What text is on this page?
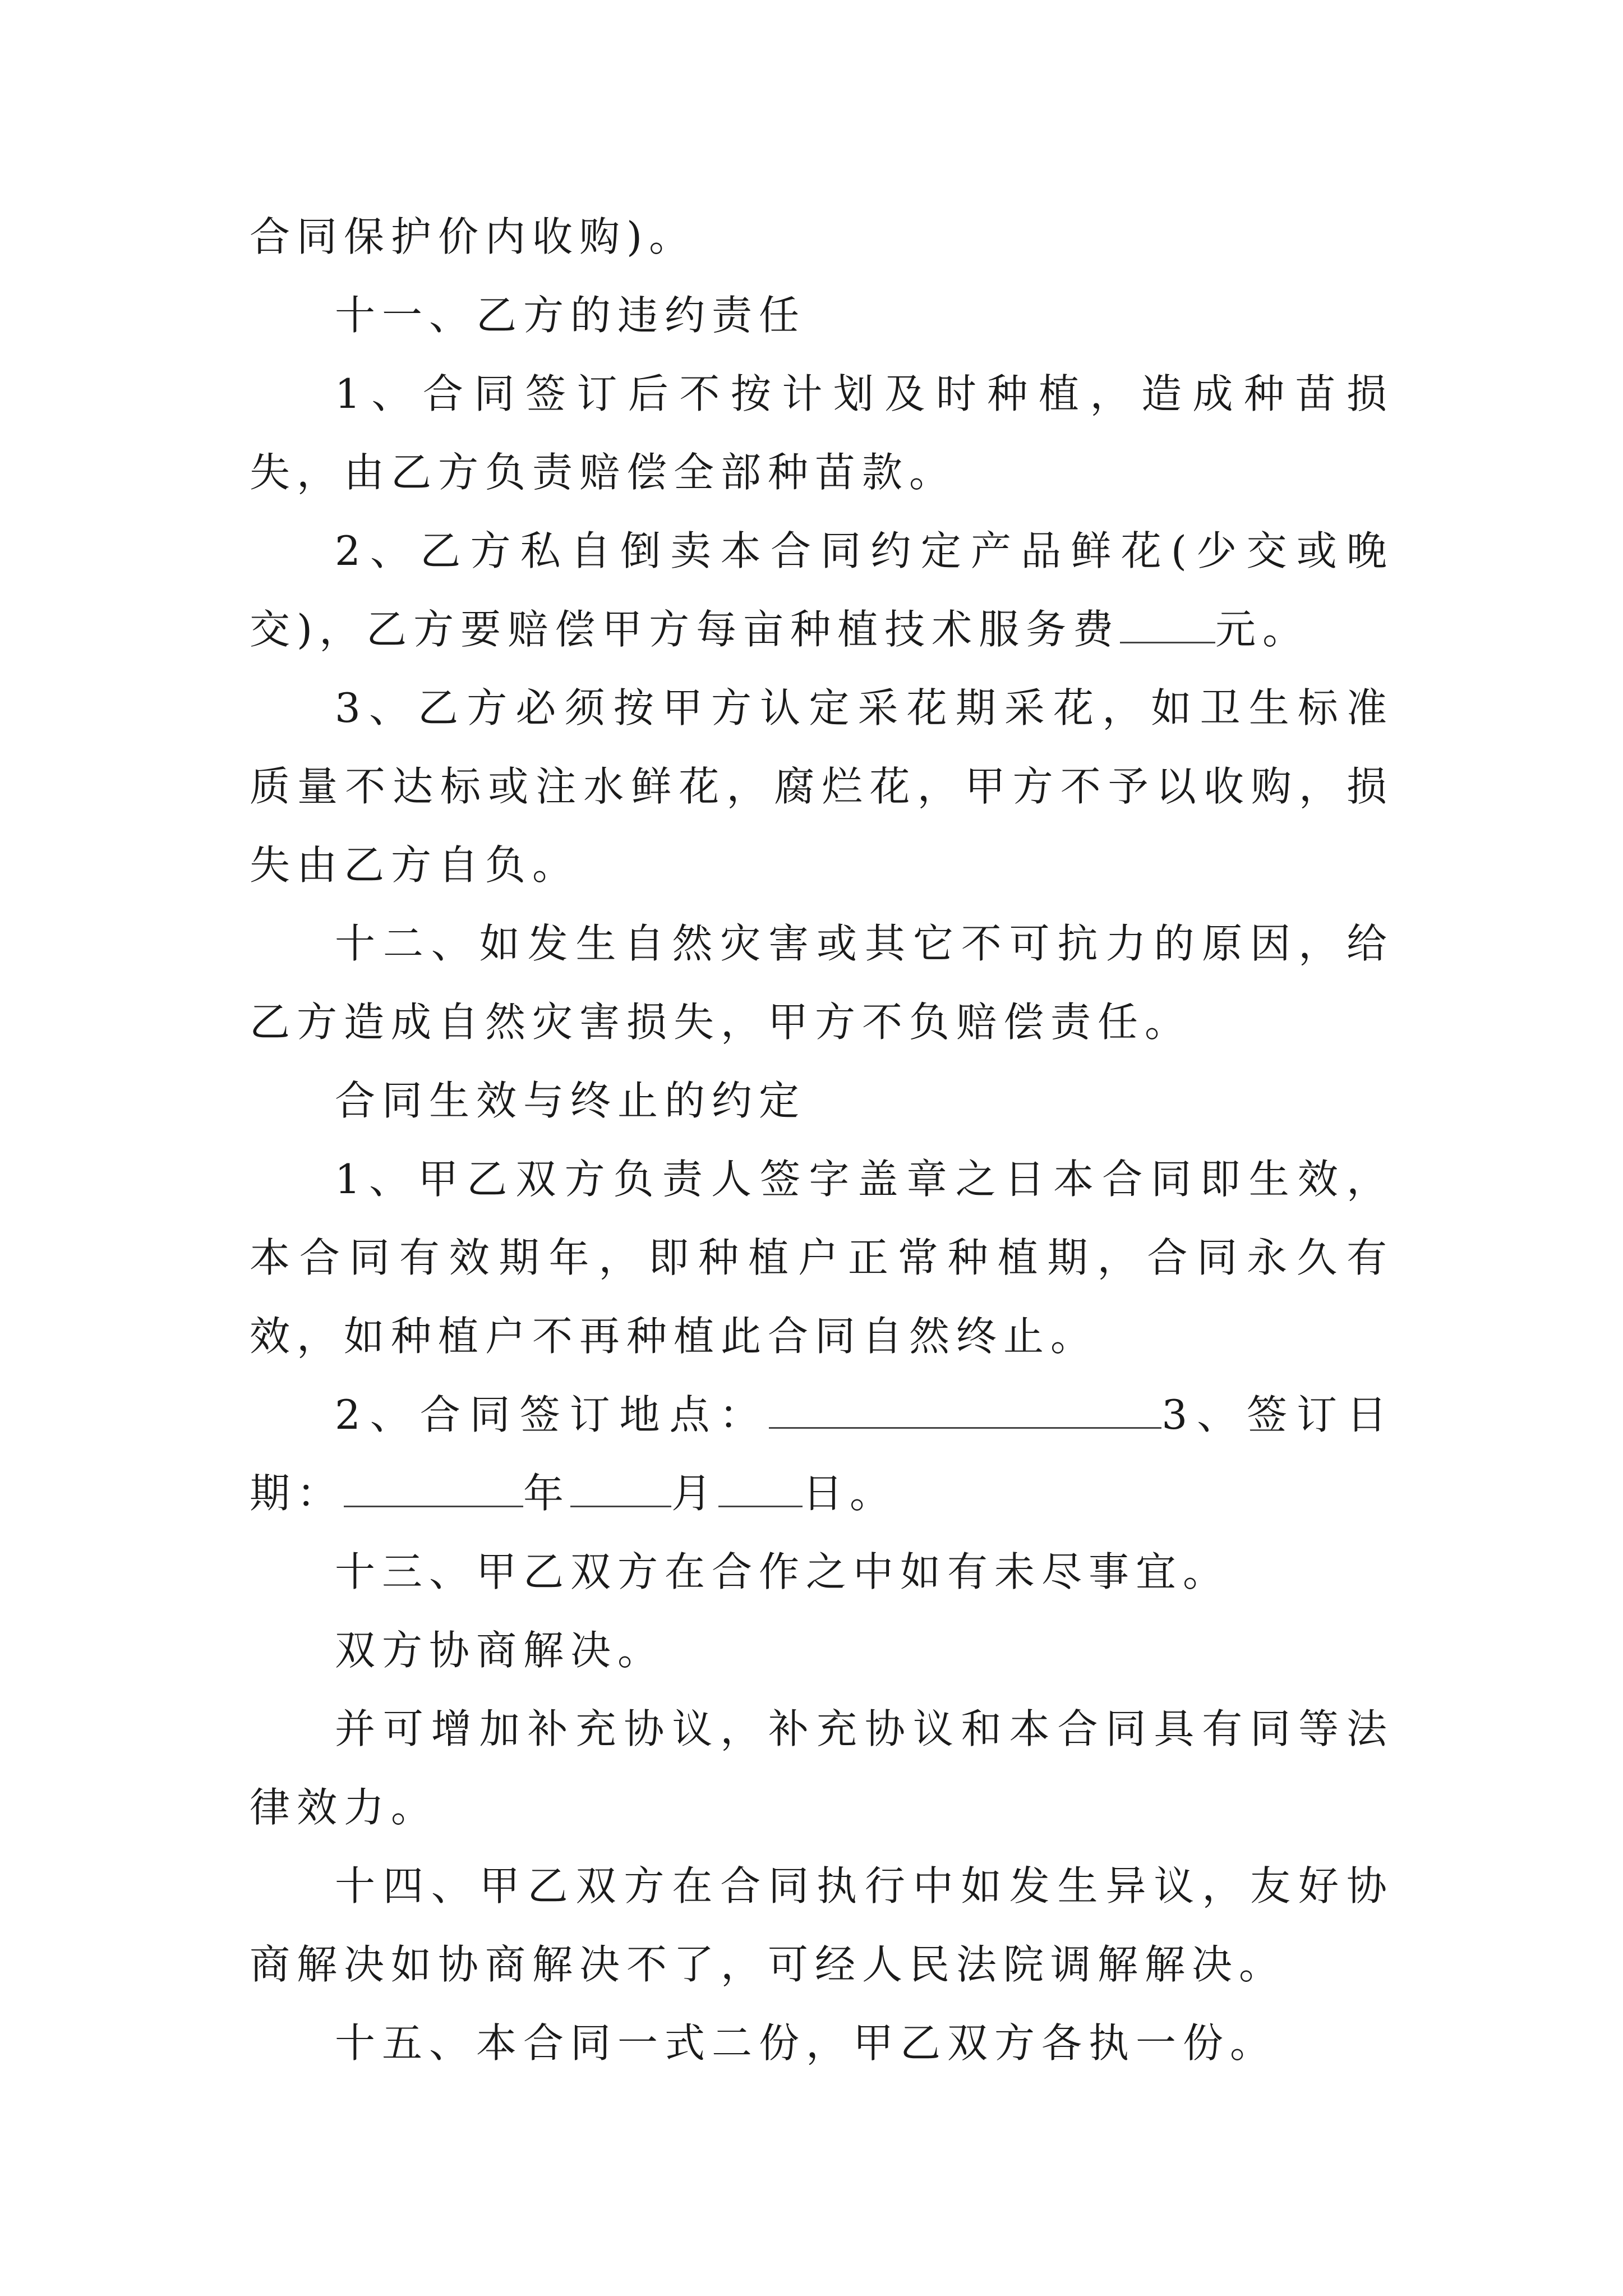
合同保护价内收购)。

十一、乙方的违约责任

1、合同签订后不按计划及时种植，造成种苗损失，由乙方负责赔偿全部种苗款。

2、乙方私自倒卖本合同约定产品鲜花(少交或晚交)，乙方要赔偿甲方每亩种植技术服务费 元。

3、乙方必须按甲方认定采花期采花，如卫生标准质量不达标或注水鲜花，腐烂花，甲方不予以收购，损失由乙方自负。

十二、如发生自然灾害或其它不可抗力的原因，给乙方造成自然灾害损失，甲方不负赔偿责任。

合同生效与终止的约定

1、甲乙双方负责人签字盖章之日本合同即生效，本合同有效期年，即种植户正常种植期，合同永久有效，如种植户不再种植此合同自然终止。

2、合同签订地点：	3、签订日期：	年	月 日。

十三、甲乙双方在合作之中如有未尽事宜。

双方协商解决。

并可增加补充协议，补充协议和本合同具有同等法律效力。

十四、甲乙双方在合同执行中如发生异议，友好协商解决如协商解决不了，可经人民法院调解解决。

十五、本合同一式二份，甲乙双方各执一份。
